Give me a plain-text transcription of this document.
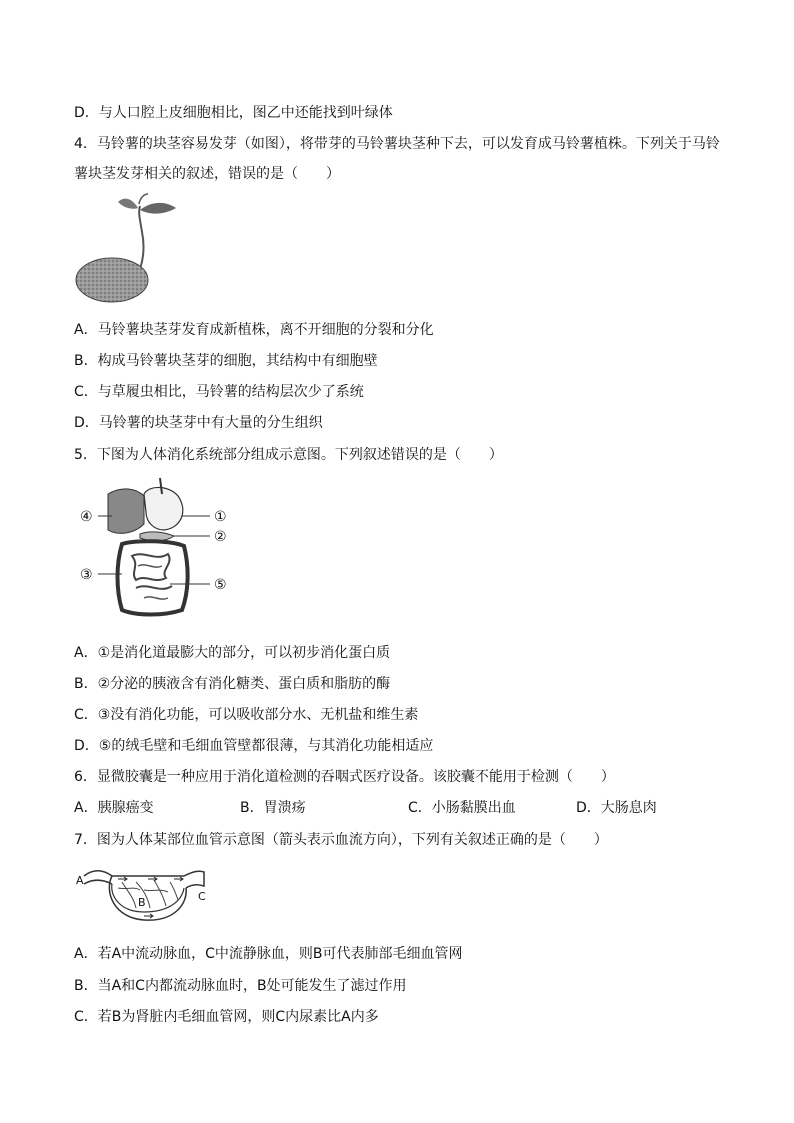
D．与人口腔上皮细胞相比，图乙中还能找到叶绿体
4．马铃薯的块茎容易发芽（如图），将带芽的马铃薯块茎种下去，可以发育成马铃薯植株。下列关于马铃
薯块茎发芽相关的叙述，错误的是（　　）
A．马铃薯块茎芽发育成新植株，离不开细胞的分裂和分化
B．构成马铃薯块茎芽的细胞，其结构中有细胞壁
C．与草履虫相比，马铃薯的结构层次少了系统
D．马铃薯的块茎芽中有大量的分生组织
5．下图为人体消化系统部分组成示意图。下列叙述错误的是（　　）
①
②
③
④
⑤
A．①是消化道最膨大的部分，可以初步消化蛋白质
B．②分泌的胰液含有消化糖类、蛋白质和脂肪的酶
C．③没有消化功能，可以吸收部分水、无机盐和维生素
D．⑤的绒毛壁和毛细血管壁都很薄，与其消化功能相适应
6．显微胶囊是一种应用于消化道检测的吞咽式医疗设备。该胶囊不能用于检测（　　）
A．胰腺癌变	B．胃溃疡	C．小肠黏膜出血	D．大肠息肉
7．图为人体某部位血管示意图（箭头表示血流方向），下列有关叙述正确的是（　　）
A
B	C
A．若A中流动脉血，C中流静脉血，则B可代表肺部毛细血管网
B．当A和C内都流动脉血时，B处可能发生了滤过作用
C．若B为肾脏内毛细血管网，则C内尿素比A内多
